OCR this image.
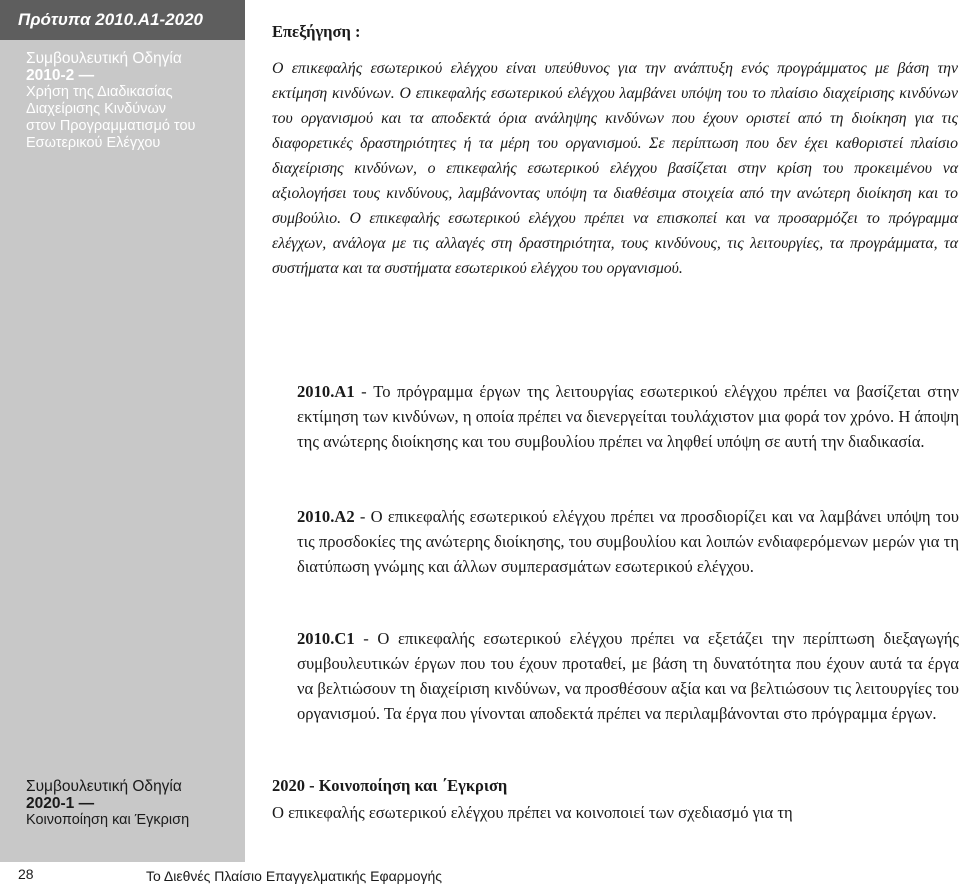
Πρότυπα 2010.A1-2020
Συμβουλευτική Οδηγία
2010-2 —
Χρήση της Διαδικασίας
Διαχείρισης Κινδύνων
στον Προγραμματισμό του
Εσωτερικού Ελέγχου
Συμβουλευτική Οδηγία
2020-1 —
Κοινοποίηση και Έγκριση
Επεξήγηση :
Ο επικεφαλής εσωτερικού ελέγχου είναι υπεύθυνος για την ανάπτυξη ενός προγράμματος με βάση την εκτίμηση κινδύνων. Ο επικεφαλής εσωτερικού ελέγχου λαμβάνει υπόψη του το πλαίσιο διαχείρισης κινδύνων του οργανισμού και τα αποδεκτά όρια ανάληψης κινδύνων που έχουν οριστεί από τη διοίκηση για τις διαφορετικές δραστηριότητες ή τα μέρη του οργανισμού. Σε περίπτωση που δεν έχει καθοριστεί πλαίσιο διαχείρισης κινδύνων, ο επικεφαλής εσωτερικού ελέγχου βασίζεται στην κρίση του προκειμένου να αξιολογήσει τους κινδύνους, λαμβάνοντας υπόψη τα διαθέσιμα στοιχεία από την ανώτερη διοίκηση και το συμβούλιο. Ο επικεφαλής εσωτερικού ελέγχου πρέπει να επισκοπεί και να προσαρμόζει το πρόγραμμα ελέγχων, ανάλογα με τις αλλαγές στη δραστηριότητα, τους κινδύνους, τις λειτουργίες, τα προγράμματα, τα συστήματα και τα συστήματα εσωτερικού ελέγχου του οργανισμού.
2010.A1 - Το πρόγραμμα έργων της λειτουργίας εσωτερικού ελέγχου πρέπει να βασίζεται στην εκτίμηση των κινδύνων, η οποία πρέπει να διενεργείται τουλάχιστον μια φορά τον χρόνο. Η άποψη της ανώτερης διοίκησης και του συμβουλίου πρέπει να ληφθεί υπόψη σε αυτή την διαδικασία.
2010.A2 - Ο επικεφαλής εσωτερικού ελέγχου πρέπει να προσδιορίζει και να λαμβάνει υπόψη του τις προσδοκίες της ανώτερης διοίκησης, του συμβουλίου και λοιπών ενδιαφερόμενων μερών για τη διατύπωση γνώμης και άλλων συμπερασμάτων εσωτερικού ελέγχου.
2010.C1 - Ο επικεφαλής εσωτερικού ελέγχου πρέπει να εξετάζει την περίπτωση διεξαγωγής συμβουλευτικών έργων που του έχουν προταθεί, με βάση τη δυνατότητα που έχουν αυτά τα έργα να βελτιώσουν τη διαχείριση κινδύνων, να προσθέσουν αξία και να βελτιώσουν τις λειτουργίες του οργανισμού. Τα έργα που γίνονται αποδεκτά πρέπει να περιλαμβάνονται στο πρόγραμμα έργων.
2020 - Κοινοποίηση και ΄Εγκριση
Ο επικεφαλής εσωτερικού ελέγχου πρέπει να κοινοποιεί των σχεδιασμό για τη
28	Το Διεθνές Πλαίσιο Επαγγελματικής Εφαρμογής
